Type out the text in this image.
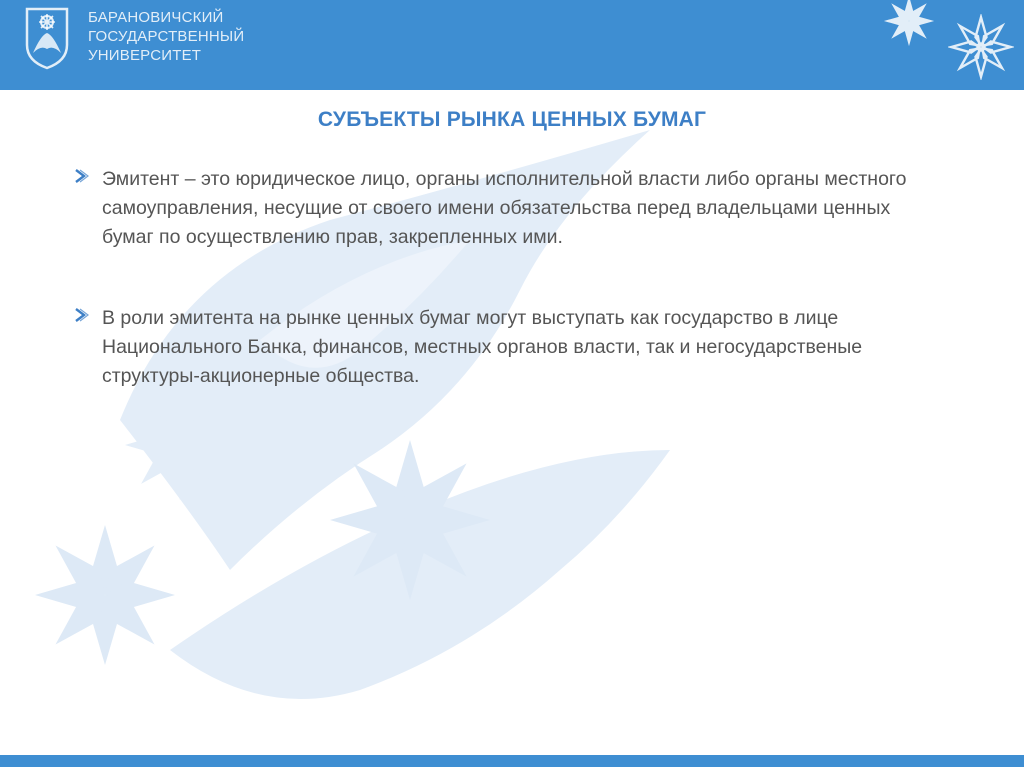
БАРАНОВИЧСКИЙ
ГОСУДАРСТВЕННЫЙ
УНИВЕРСИТЕТ
СУБЪЕКТЫ РЫНКА ЦЕННЫХ БУМАГ

Эмитент – это юридическое лицо, органы исполнительной власти либо органы местного самоуправления, несущие от своего имени обязательства перед владельцами ценных бумаг по осуществлению прав, закрепленных ими.

В роли эмитента на рынке ценных бумаг могут выступать как государство в лице Национального Банка, финансов, местных органов власти, так и негосударственые структуры-акционерные общества.
